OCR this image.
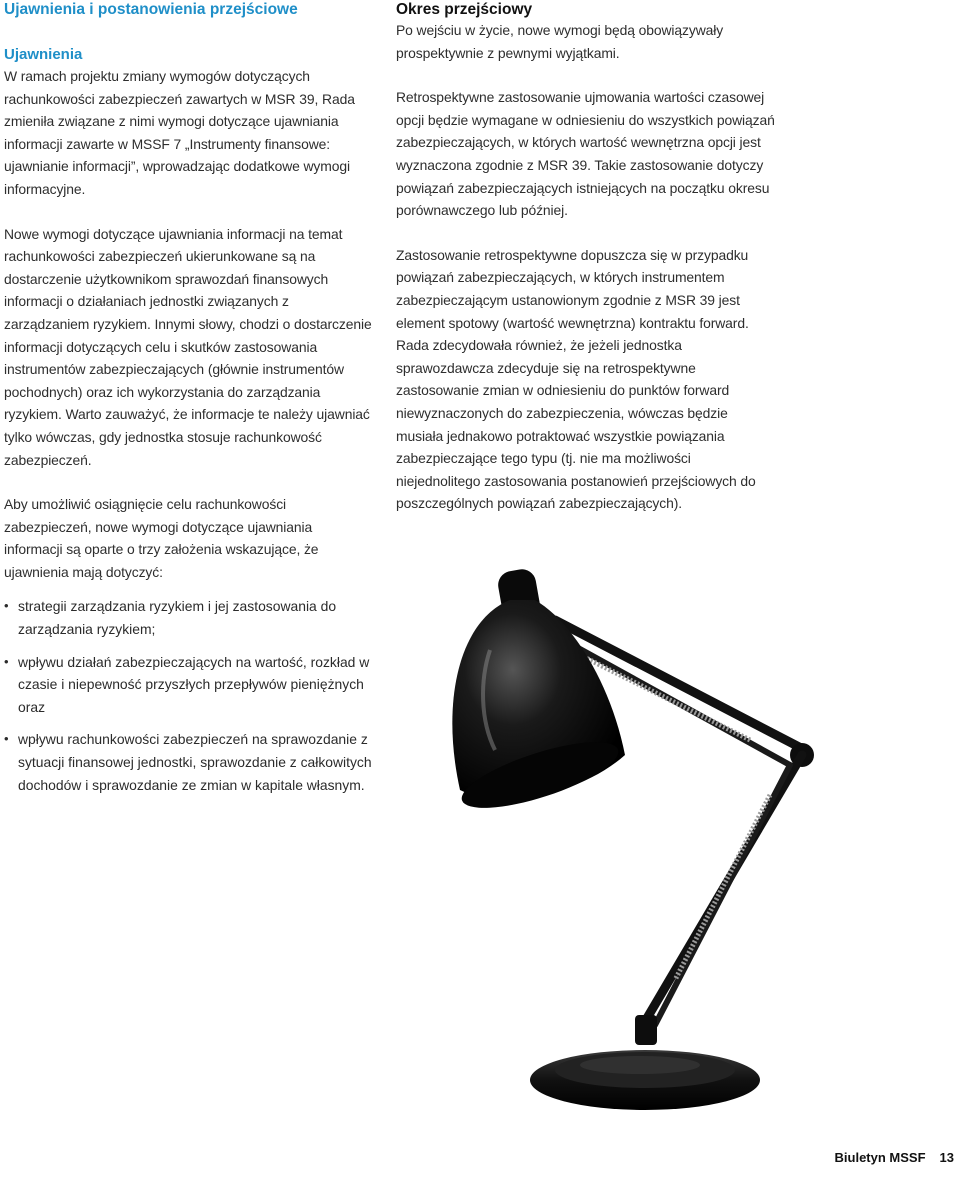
Ujawnienia i postanowienia przejściowe
Ujawnienia

W ramach projektu zmiany wymogów dotyczących rachunkowości zabezpieczeń zawartych w MSR 39, Rada zmieniła związane z nimi wymogi dotyczące ujawniania informacji zawarte w MSSF 7 „Instrumenty finansowe: ujawnianie informacji”, wprowadzając dodatkowe wymogi informacyjne.

Nowe wymogi dotyczące ujawniania informacji na temat rachunkowości zabezpieczeń ukierunkowane są na dostarczenie użytkownikom sprawozdań finansowych informacji o działaniach jednostki związanych z zarządzaniem ryzykiem. Innymi słowy, chodzi o dostarczenie informacji dotyczących celu i skutków zastosowania instrumentów zabezpieczających (głównie instrumentów pochodnych) oraz ich wykorzystania do zarządzania ryzykiem. Warto zauważyć, że informacje te należy ujawniać tylko wówczas, gdy jednostka stosuje rachunkowość zabezpieczeń.

Aby umożliwić osiągnięcie celu rachunkowości zabezpieczeń, nowe wymogi dotyczące ujawniania informacji są oparte o trzy założenia wskazujące, że ujawnienia mają dotyczyć:

• strategii zarządzania ryzykiem i jej zastosowania do zarządzania ryzykiem;
• wpływu działań zabezpieczających na wartość, rozkład w czasie i niepewność przyszłych przepływów pieniężnych oraz
• wpływu rachunkowości zabezpieczeń na sprawozdanie z sytuacji finansowej jednostki, sprawozdanie z całkowitych dochodów i sprawozdanie ze zmian w kapitale własnym.
Okres przejściowy

Po wejściu w życie, nowe wymogi będą obowiązywały prospektywnie z pewnymi wyjątkami.

Retrospektywne zastosowanie ujmowania wartości czasowej opcji będzie wymagane w odniesieniu do wszystkich powiązań zabezpieczających, w których wartość wewnętrzna opcji jest wyznaczona zgodnie z MSR 39. Takie zastosowanie dotyczy powiązań zabezpieczających istniejących na początku okresu porównawczego lub później.

Zastosowanie retrospektywne dopuszcza się w przypadku powiązań zabezpieczających, w których instrumentem zabezpieczającym ustanowionym zgodnie z MSR 39 jest element spotowy (wartość wewnętrzna) kontraktu forward. Rada zdecydowała również, że jeżeli jednostka sprawozdawcza zdecyduje się na retrospektywne zastosowanie zmian w odniesieniu do punktów forward niewyznaczonych do zabezpieczenia, wówczas będzie musiała jednakowo potraktować wszystkie powiązania zabezpieczające tego typu (tj. nie ma możliwości niejednolitego zastosowania postanowień przejściowych do poszczególnych powiązań zabezpieczających).

Biuletyn MSSF 13
